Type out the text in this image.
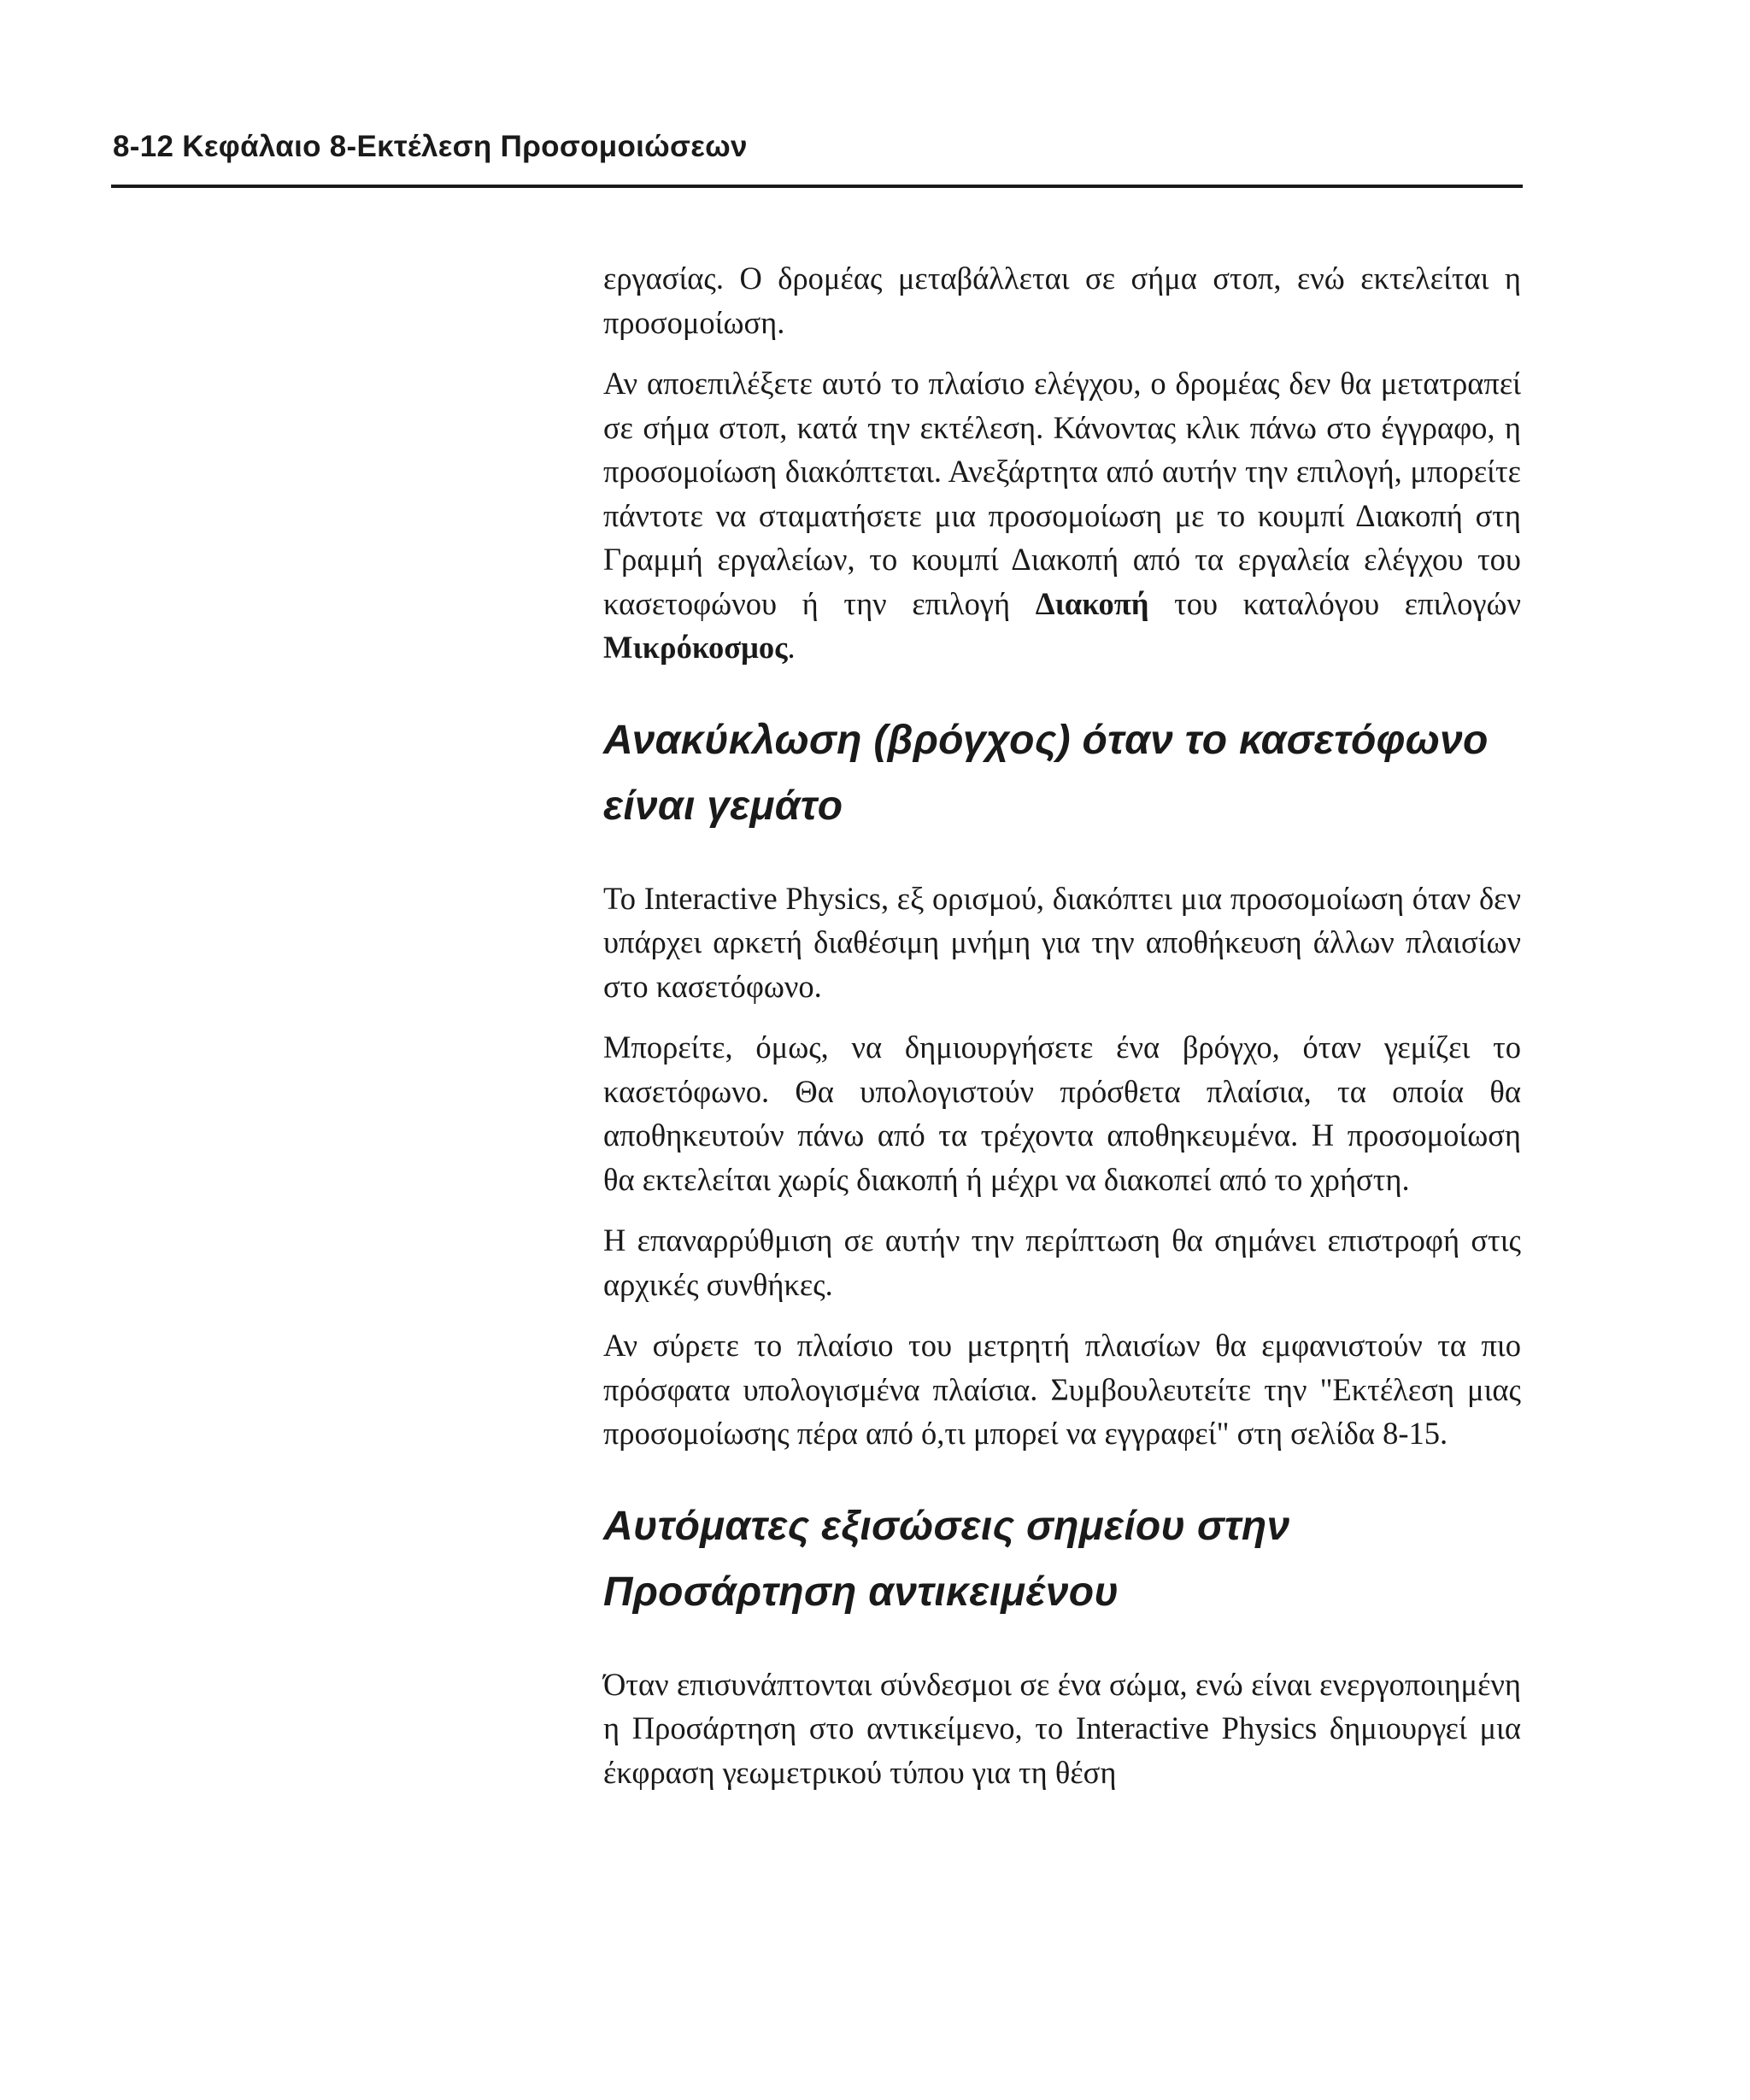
8-12 Κεφάλαιο 8-Εκτέλεση Προσομοιώσεων

εργασίας. Ο δρομέας μεταβάλλεται σε σήμα στοπ, ενώ εκτελείται η προσομοίωση.

Αν αποεπιλέξετε αυτό το πλαίσιο ελέγχου, ο δρομέας δεν θα μετατραπεί σε σήμα στοπ, κατά την εκτέλεση. Κάνοντας κλικ πάνω στο έγγραφο, η προσομοίωση διακόπτεται. Ανεξάρτητα από αυτήν την επιλογή, μπορείτε πάντοτε να σταματήσετε μια προσομοίωση με το κουμπί Διακοπή στη Γραμμή εργαλείων, το κουμπί Διακοπή από τα εργαλεία ελέγχου του κασετοφώνου ή την επιλογή Διακοπή του καταλόγου επιλογών Μικρόκοσμος.

Ανακύκλωση (βρόγχος) όταν το κασετόφωνο
είναι γεμάτο

Το Interactive Physics, εξ ορισμού, διακόπτει μια προσομοίωση όταν δεν υπάρχει αρκετή διαθέσιμη μνήμη για την αποθήκευση άλλων πλαισίων στο κασετόφωνο.

Μπορείτε, όμως, να δημιουργήσετε ένα βρόγχο, όταν γεμίζει το κασετόφωνο. Θα υπολογιστούν πρόσθετα πλαίσια, τα οποία θα αποθηκευτούν πάνω από τα τρέχοντα αποθηκευμένα. Η προσομοίωση θα εκτελείται χωρίς διακοπή ή μέχρι να διακοπεί από το χρήστη.

Η επαναρρύθμιση σε αυτήν την περίπτωση θα σημάνει επιστροφή στις αρχικές συνθήκες.

Αν σύρετε το πλαίσιο του μετρητή πλαισίων θα εμφανιστούν τα πιο πρόσφατα υπολογισμένα πλαίσια. Συμβουλευτείτε την "Εκτέλεση μιας προσομοίωσης πέρα από ό,τι μπορεί να εγγραφεί" στη σελίδα 8-15.

Αυτόματες εξισώσεις σημείου στην
Προσάρτηση αντικειμένου

Όταν επισυνάπτονται σύνδεσμοι σε ένα σώμα, ενώ είναι ενεργοποιημένη η Προσάρτηση στο αντικείμενο, το Interactive Physics δημιουργεί μια έκφραση γεωμετρικού τύπου για τη θέση
